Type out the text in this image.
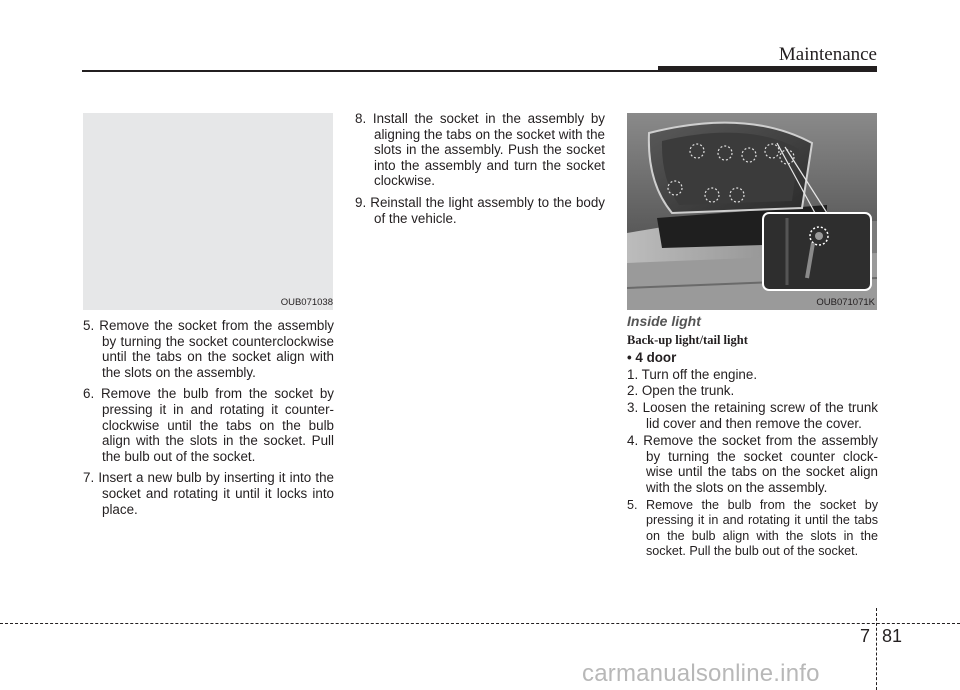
Maintenance
OUB071038

5. Remove the socket from the assembly by turning the socket counterclockwise until the tabs on the socket align with the slots on the assembly.

6. Remove the bulb from the socket by pressing it in and rotating it counter-clockwise until the tabs on the bulb align with the slots in the socket. Pull the bulb out of the socket.

7. Insert a new bulb by inserting it into the socket and rotating it until it locks into place.

8. Install the socket in the assembly by aligning the tabs on the socket with the slots in the assembly. Push the socket into the assembly and turn the socket clockwise.

9. Reinstall the light assembly to the body of the vehicle.

OUB071071K
Inside light
Back-up light/tail light
• 4 door

1. Turn off the engine.

2. Open the trunk.

3. Loosen the retaining screw of the trunk lid cover and then remove the cover.

4. Remove the socket from the assembly by turning the socket counter clock-wise until the tabs on the socket align with the slots on the assembly.

5. Remove the bulb from the socket by pressing it in and rotating it until the tabs on the bulb align with the slots in the socket. Pull the bulb out of the socket.

7 81
carmanualsonline.info
